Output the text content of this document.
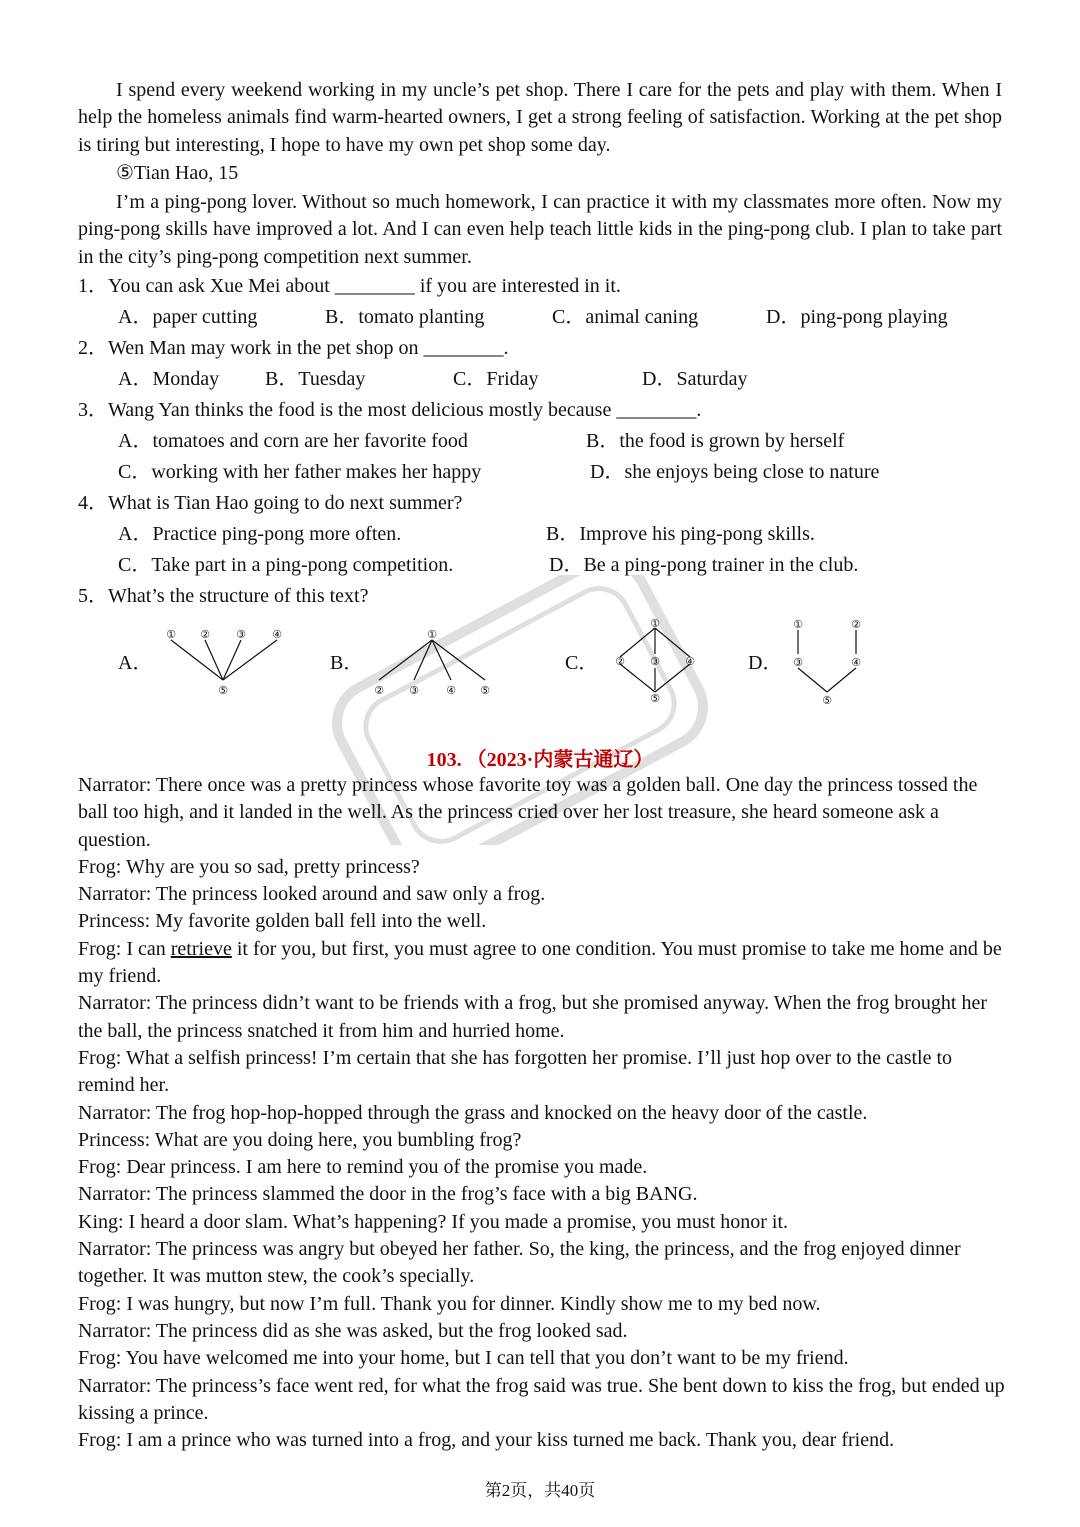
I spend every weekend working in my uncle’s pet shop. There I care for the pets and play with them. When I help the homeless animals find warm-hearted owners, I get a strong feeling of satisfaction. Working at the pet shop is tiring but interesting, I hope to have my own pet shop some day.

⑤Tian Hao, 15

I’m a ping-pong lover. Without so much homework, I can practice it with my classmates more often. Now my ping-pong skills have improved a lot. And I can even help teach little kids in the ping-pong club. I plan to take part in the city’s ping-pong competition next summer.

1．You can ask Xue Mei about ________ if you are interested in it.
A．paper cutting	B．tomato planting	C．animal caning	D．ping-pong playing
2．Wen Man may work in the pet shop on ________.
A．Monday B．Tuesday	C．Friday	D．Saturday
3．Wang Yan thinks the food is the most delicious mostly because ________.
A．tomatoes and corn are her favorite food	B．the food is grown by herself
C．working with her father makes her happy	D．she enjoys being close to nature
4．What is Tian Hao going to do next summer?
A．Practice ping-pong more often.	B．Improve his ping-pong skills.
C．Take part in a ping-pong competition.	D．Be a ping-pong trainer in the club.
5．What’s the structure of this text?
A．
① ② ③ ④
⑤
B．
①
② ③ ④ ⑤
C．
①
② ③ ④
⑤
D．
①	②
③	④
⑤
103. （2023·内蒙古通辽）

Narrator: There once was a pretty princess whose favorite toy was a golden ball. One day the princess tossed the ball too high, and it landed in the well. As the princess cried over her lost treasure, she heard someone ask a question.

Frog: Why are you so sad, pretty princess?

Narrator: The princess looked around and saw only a frog.

Princess: My favorite golden ball fell into the well.

Frog: I can retrieve it for you, but first, you must agree to one condition. You must promise to take me home and be my friend.

Narrator: The princess didn’t want to be friends with a frog, but she promised anyway. When the frog brought her the ball, the princess snatched it from him and hurried home.

Frog: What a selfish princess! I’m certain that she has forgotten her promise. I’ll just hop over to the castle to remind her.

Narrator: The frog hop-hop-hopped through the grass and knocked on the heavy door of the castle.

Princess: What are you doing here, you bumbling frog?

Frog: Dear princess. I am here to remind you of the promise you made.

Narrator: The princess slammed the door in the frog’s face with a big BANG.

King: I heard a door slam. What’s happening? If you made a promise, you must honor it.

Narrator: The princess was angry but obeyed her father. So, the king, the princess, and the frog enjoyed dinner together. It was mutton stew, the cook’s specially.

Frog: I was hungry, but now I’m full. Thank you for dinner. Kindly show me to my bed now.

Narrator: The princess did as she was asked, but the frog looked sad.

Frog: You have welcomed me into your home, but I can tell that you don’t want to be my friend.

Narrator: The princess’s face went red, for what the frog said was true. She bent down to kiss the frog, but ended up kissing a prince.

Frog: I am a prince who was turned into a frog, and your kiss turned me back. Thank you, dear friend.

第2页，共40页
